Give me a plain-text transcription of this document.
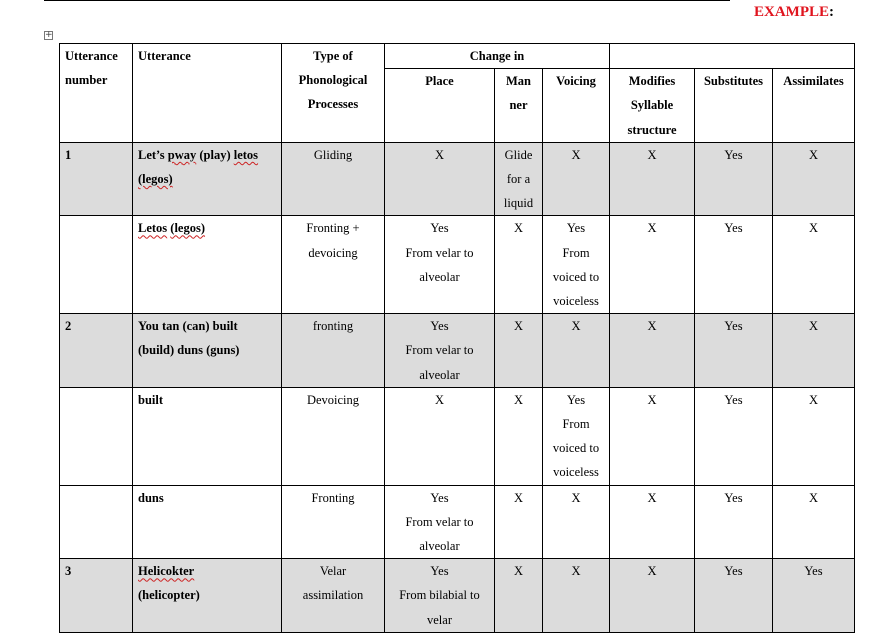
EXAMPLE:
+
Utterance
number	Utterance	Type of
Phonological
Processes	Change in					
			Place	Man
ner	Voicing	Modifies
Syllable
structure	Substitutes	Assimilates

1	Let’s pway (play) letos
(legos)	Gliding	X	Glide
for a
liquid	X	X	Yes	X

	Letos (legos)	Fronting +
devoicing	Yes
From velar to
alveolar	X	Yes
From
voiced to
voiceless	X	Yes	X

2	You tan (can) built
(build) duns (guns)	fronting	Yes
From velar to
alveolar	X	X	X	Yes	X

	built	Devoicing	X	X	Yes
From
voiced to
voiceless	X	Yes	X

	duns	Fronting	Yes
From velar to
alveolar	X	X	X	Yes	X

3	Helicokter
(helicopter)	Velar
assimilation	Yes
From bilabial to
velar	X	X	X	Yes	Yes
